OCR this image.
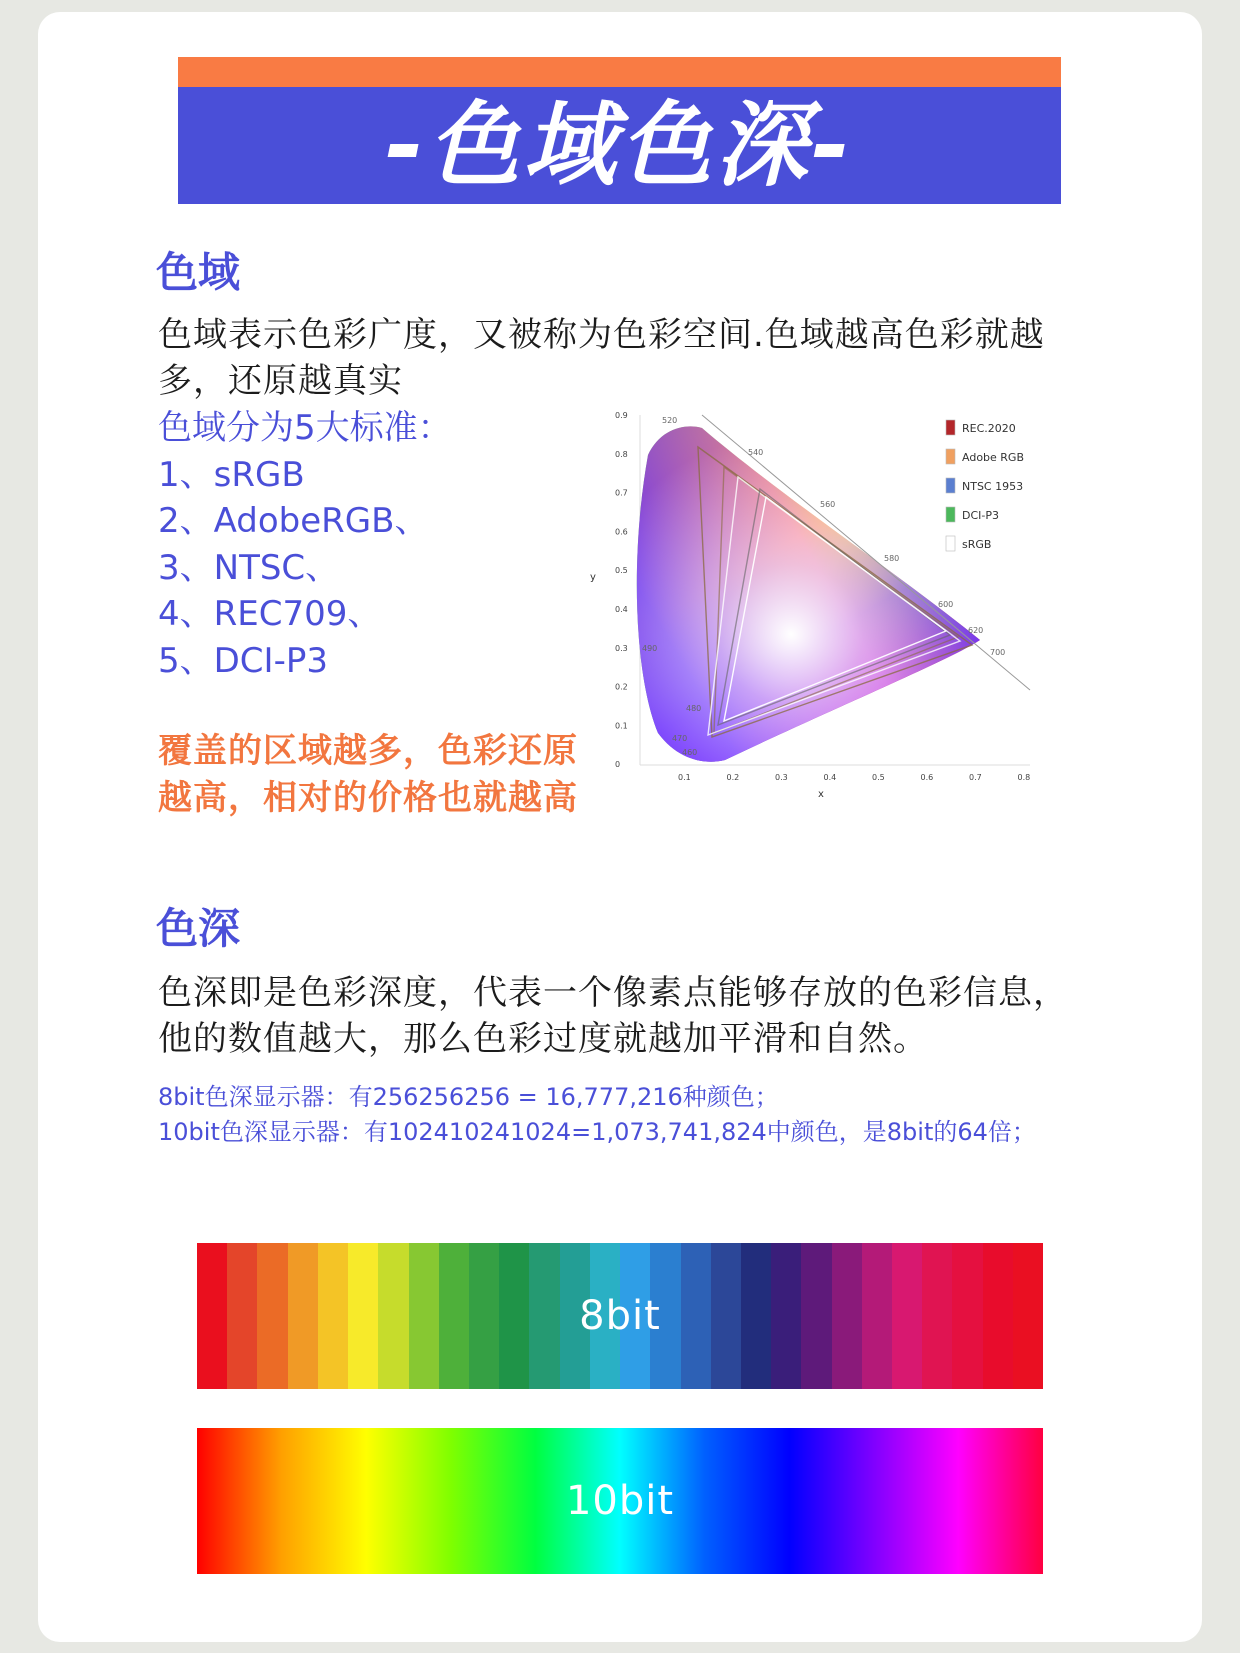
-色域色深-
色域

色域表示色彩广度，又被称为色彩空间.色域越高色彩就越

多，还原越真实

色域分为5大标准：
1、sRGB
2、AdobeRGB、
3、NTSC、
4、REC709、
5、DCI-P3
覆盖的区域越多，色彩还原
越高，相对的价格也就越高
0.9
0.8
0.7
0.6
0.5
0.4
0.3
0.2
0.1
0
0.1	0.2	0.3	0.4	0.5	0.6	0.7	0.8
520
540
560
580
600
620
700
490
480
470
460
y
x
REC.2020
Adobe RGB
NTSC 1953
DCI-P3
sRGB
色深

色深即是色彩深度，代表一个像素点能够存放的色彩信息，

他的数值越大，那么色彩过度就越加平滑和自然。

8bit色深显示器：有256256256 = 16,777,216种颜色；
10bit色深显示器：有102410241024=1,073,741,824中颜色，是8bit的64倍；
8bit
10bit
